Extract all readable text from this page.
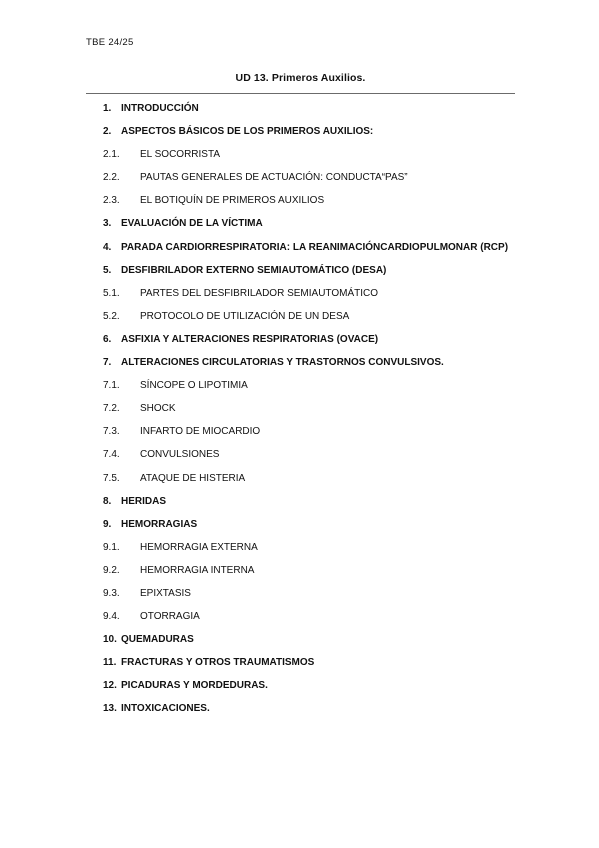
TBE 24/25
UD 13. Primeros Auxilios.
1. INTRODUCCIÓN
2. ASPECTOS BÁSICOS DE LOS PRIMEROS AUXILIOS:
2.1. EL SOCORRISTA
2.2. PAUTAS GENERALES DE ACTUACIÓN: CONDUCTA“PAS”
2.3. EL BOTIQUÍN DE PRIMEROS AUXILIOS
3. EVALUACIÓN DE LA VÍCTIMA
4. PARADA CARDIORRESPIRATORIA: LA REANIMACIÓNCARDIOPULMONAR (RCP)
5. DESFIBRILADOR EXTERNO SEMIAUTOMÁTICO (DESA)
5.1. PARTES DEL DESFIBRILADOR SEMIAUTOMÁTICO
5.2. PROTOCOLO DE UTILIZACIÓN DE UN DESA
6. ASFIXIA Y ALTERACIONES RESPIRATORIAS (OVACE)
7. ALTERACIONES CIRCULATORIAS Y TRASTORNOS CONVULSIVOS.
7.1. SÍNCOPE O LIPOTIMIA
7.2. SHOCK
7.3. INFARTO DE MIOCARDIO
7.4. CONVULSIONES
7.5. ATAQUE DE HISTERIA
8. HERIDAS
9. HEMORRAGIAS
9.1. HEMORRAGIA EXTERNA
9.2. HEMORRAGIA INTERNA
9.3. EPIXTASIS
9.4. OTORRAGIA
10. QUEMADURAS
11. FRACTURAS Y OTROS TRAUMATISMOS
12. PICADURAS Y MORDEDURAS.
13. INTOXICACIONES.
